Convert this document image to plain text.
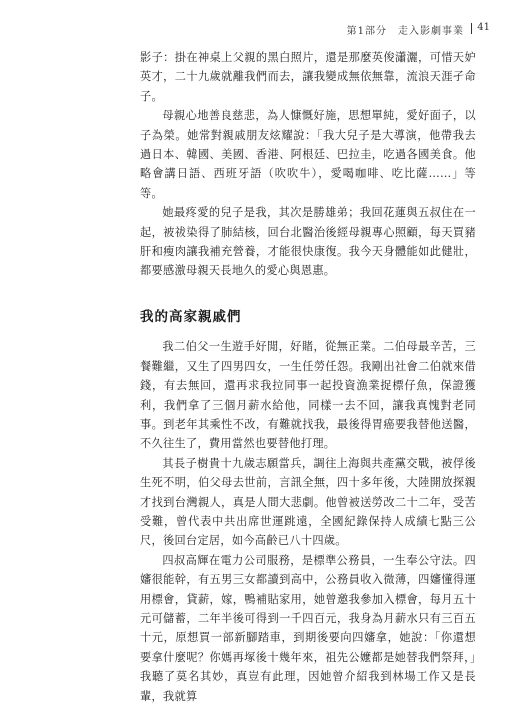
第1部分　走入影劇事業 41

影子：掛在神桌上父親的黑白照片，還是那麼英俊瀟灑，可惜天妒英才，二十九歲就離我們而去，讓我變成無依無靠，流浪天涯孑命子。

母親心地善良慈悲，為人慷慨好施，思想單純，愛好面子，以子為榮。她常對親戚朋友炫耀說：「我大兒子是大導演，他帶我去過日本、韓國、美國、香港、阿根廷、巴拉圭，吃過各國美食。他略會講日語、西班牙語（吹吹牛），愛喝咖啡、吃比薩……」等等。

她最疼愛的兒子是我，其次是勝雄弟；我回花蓮與五叔住在一起，被祓染得了肺結核，回台北醫治後經母親專心照顧，每天買豬肝和瘦肉讓我補充營養，才能很快康復。我今天身體能如此健壯，都要感激母親天長地久的愛心與恩惠。

我的高家親戚們

我二伯父一生遊手好閒，好賭，從無正業。二伯母最辛苦，三餐難繼，又生了四男四女，一生任勞任怨。我剛出社會二伯就來借錢，有去無回，還再求我拉同事一起投資漁業捉標仔魚，保證獲利，我們拿了三個月薪水給他，同樣一去不回，讓我真愧對老同事。到老年其乘性不改，有難就找我，最後得胃癌要我替他送醫，不久往生了，費用當然也要替他打理。

其長子樹貴十九歲志願當兵，調往上海與共產黨交戰，被俘後生死不明，伯父母去世前，言訊全無，四十多年後，大陸開放探親才找到台灣親人，真是人間大悲劇。他曾被送勞改二十二年，受苦受難，曾代表中共出席世運跳遠，全國紀錄保持人成績七點三公尺，後回台定居，如今高齡已八十四歲。

四叔高輝在電力公司服務，是標準公務員，一生奉公守法。四嬸很能幹，有五男三女都讀到高中，公務員收入微薄，四嬸懂得運用標會，貸薪，嫁，鴨補貼家用，她曾邀我參加入標會，每月五十元可儲蓄，二年半後可得到一千四百元，我身為月薪水只有三百五十元，原想買一部新腳踏車，到期後要向四嬸拿，她說：「你還想要拿什麼呢？你媽再塚後十幾年來，祖先公嬤都是她替我們祭拜，」我聽了莫名其妙，真豈有此理，因她曾介紹我到林場工作又是長輩，我就算
